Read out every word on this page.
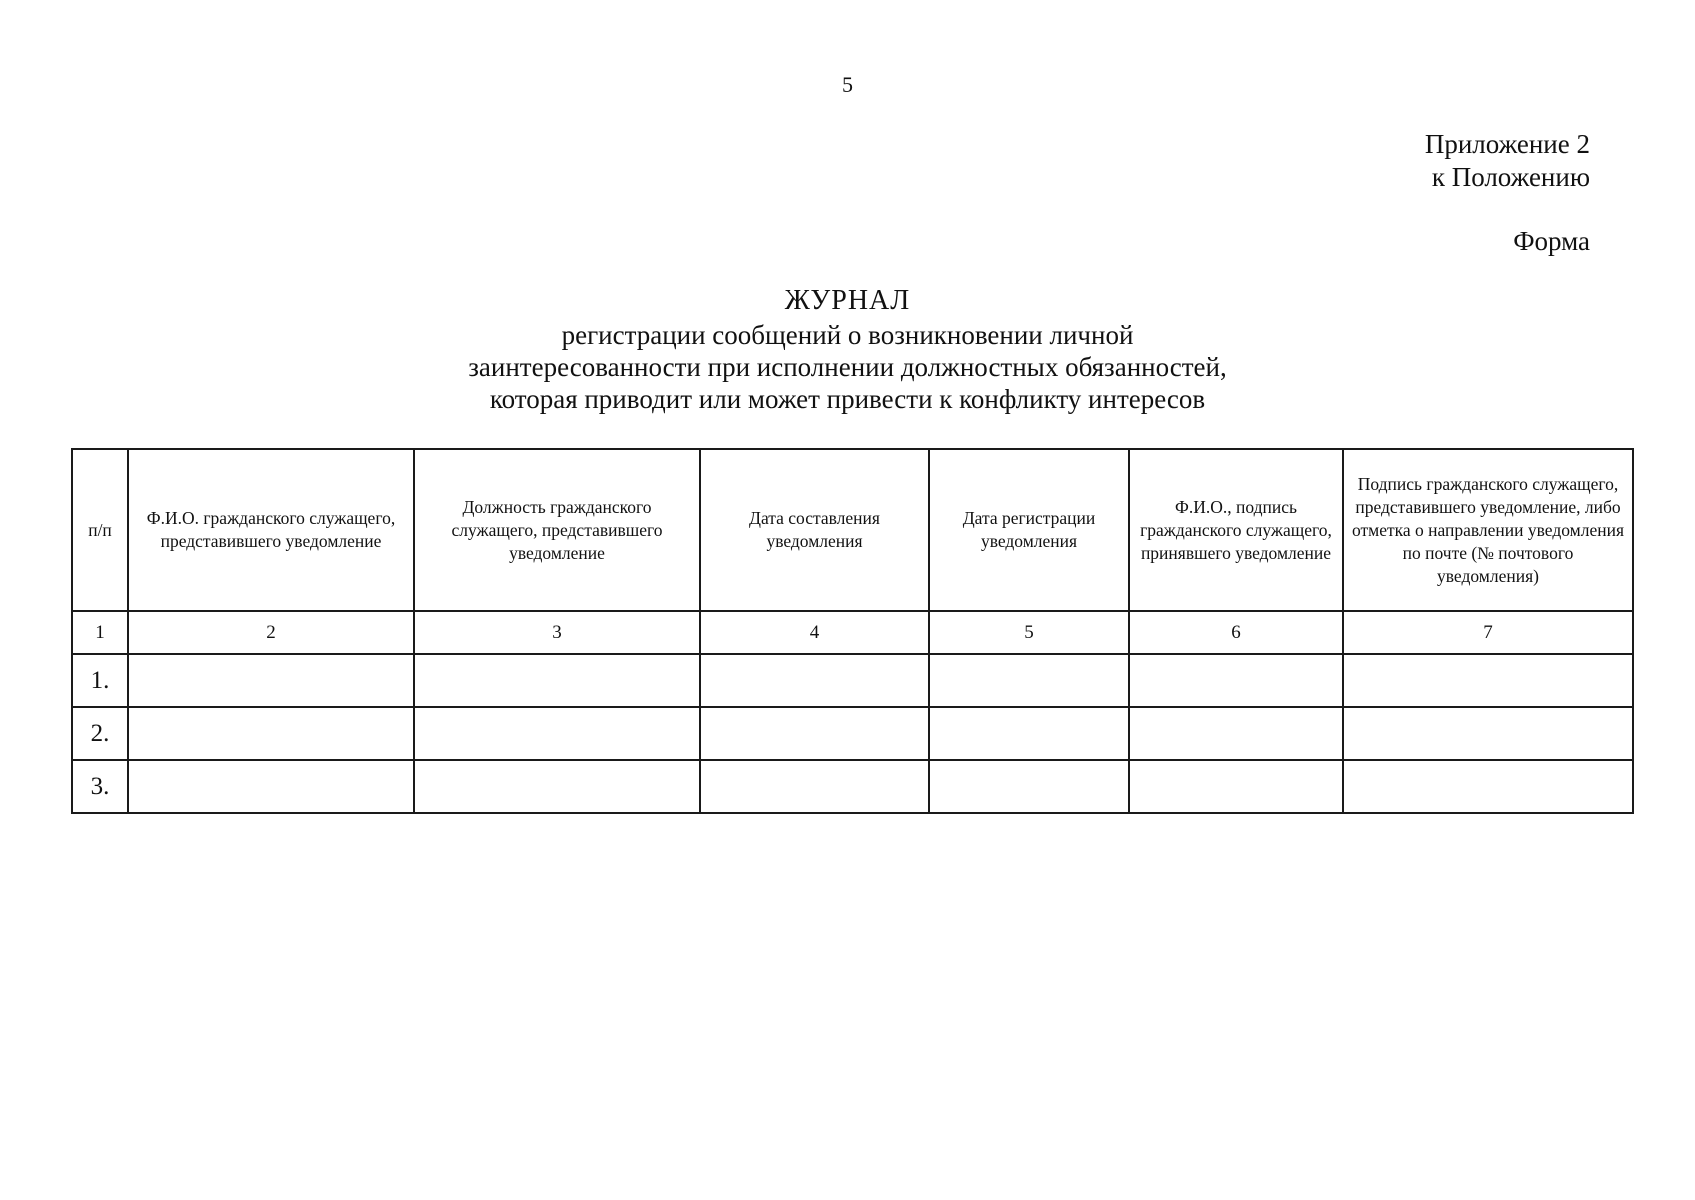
5
Приложение 2
к Положению
Форма
ЖУРНАЛ
регистрации сообщений о возникновении личной
заинтересованности при исполнении должностных обязанностей,
которая приводит или может привести к конфликту интересов
п/п	Ф.И.О. гражданского служащего, представившего уведомление	Должность гражданского служащего, представившего уведомление	Дата составления уведомления	Дата регистрации уведомления	Ф.И.О., подпись гражданского служащего, принявшего уведомление	Подпись гражданского служащего, представившего уведомление, либо отметка о направлении уведомления по почте (№ почтового уведомления)
1	2	3	4	5	6	7
1.						
2.						
3.						
